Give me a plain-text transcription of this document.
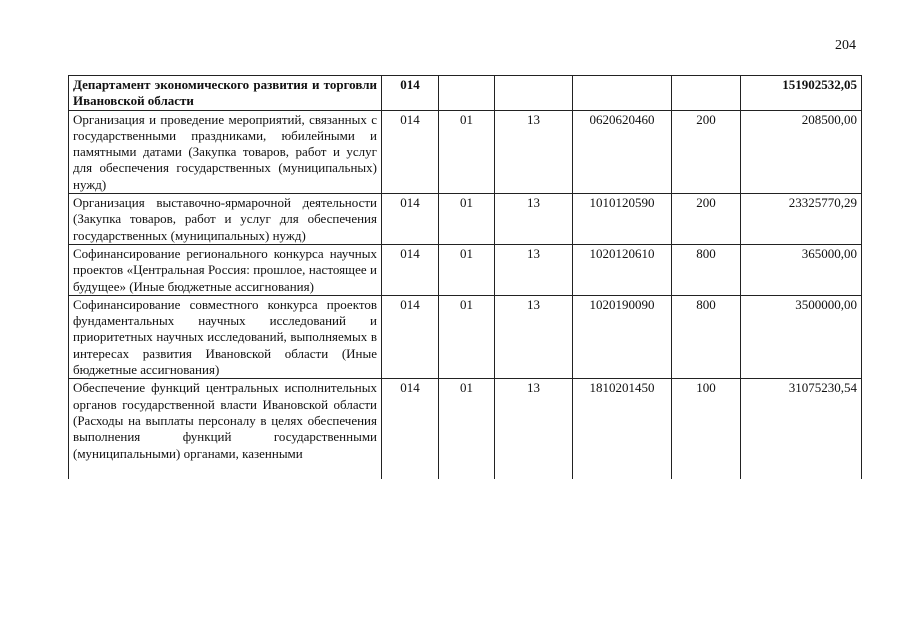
204
Департамент экономического развития и торговли Ивановской области	014					151902532,05
Организация и проведение мероприятий, связанных с государственными праздниками, юбилейными и памятными датами (Закупка товаров, работ и услуг для обеспечения государственных (муниципальных) нужд)	014	01	13	0620620460	200	208500,00
Организация выставочно-ярмарочной деятельности (Закупка товаров, работ и услуг для обеспечения государственных (муниципальных) нужд)	014	01	13	1010120590	200	23325770,29
Софинансирование регионального конкурса научных проектов «Центральная Россия: прошлое, настоящее и будущее» (Иные бюджетные ассигнования)	014	01	13	1020120610	800	365000,00
Софинансирование совместного конкурса проектов фундаментальных научных исследований и приоритетных научных исследований, выполняемых в интересах развития Ивановской области (Иные бюджетные ассигнования)	014	01	13	1020190090	800	3500000,00
Обеспечение функций центральных исполнительных органов государственной власти Ивановской области (Расходы на выплаты персоналу в целях обеспечения выполнения функций государственными (муниципальными) органами, казенными	014	01	13	1810201450	100	31075230,54
